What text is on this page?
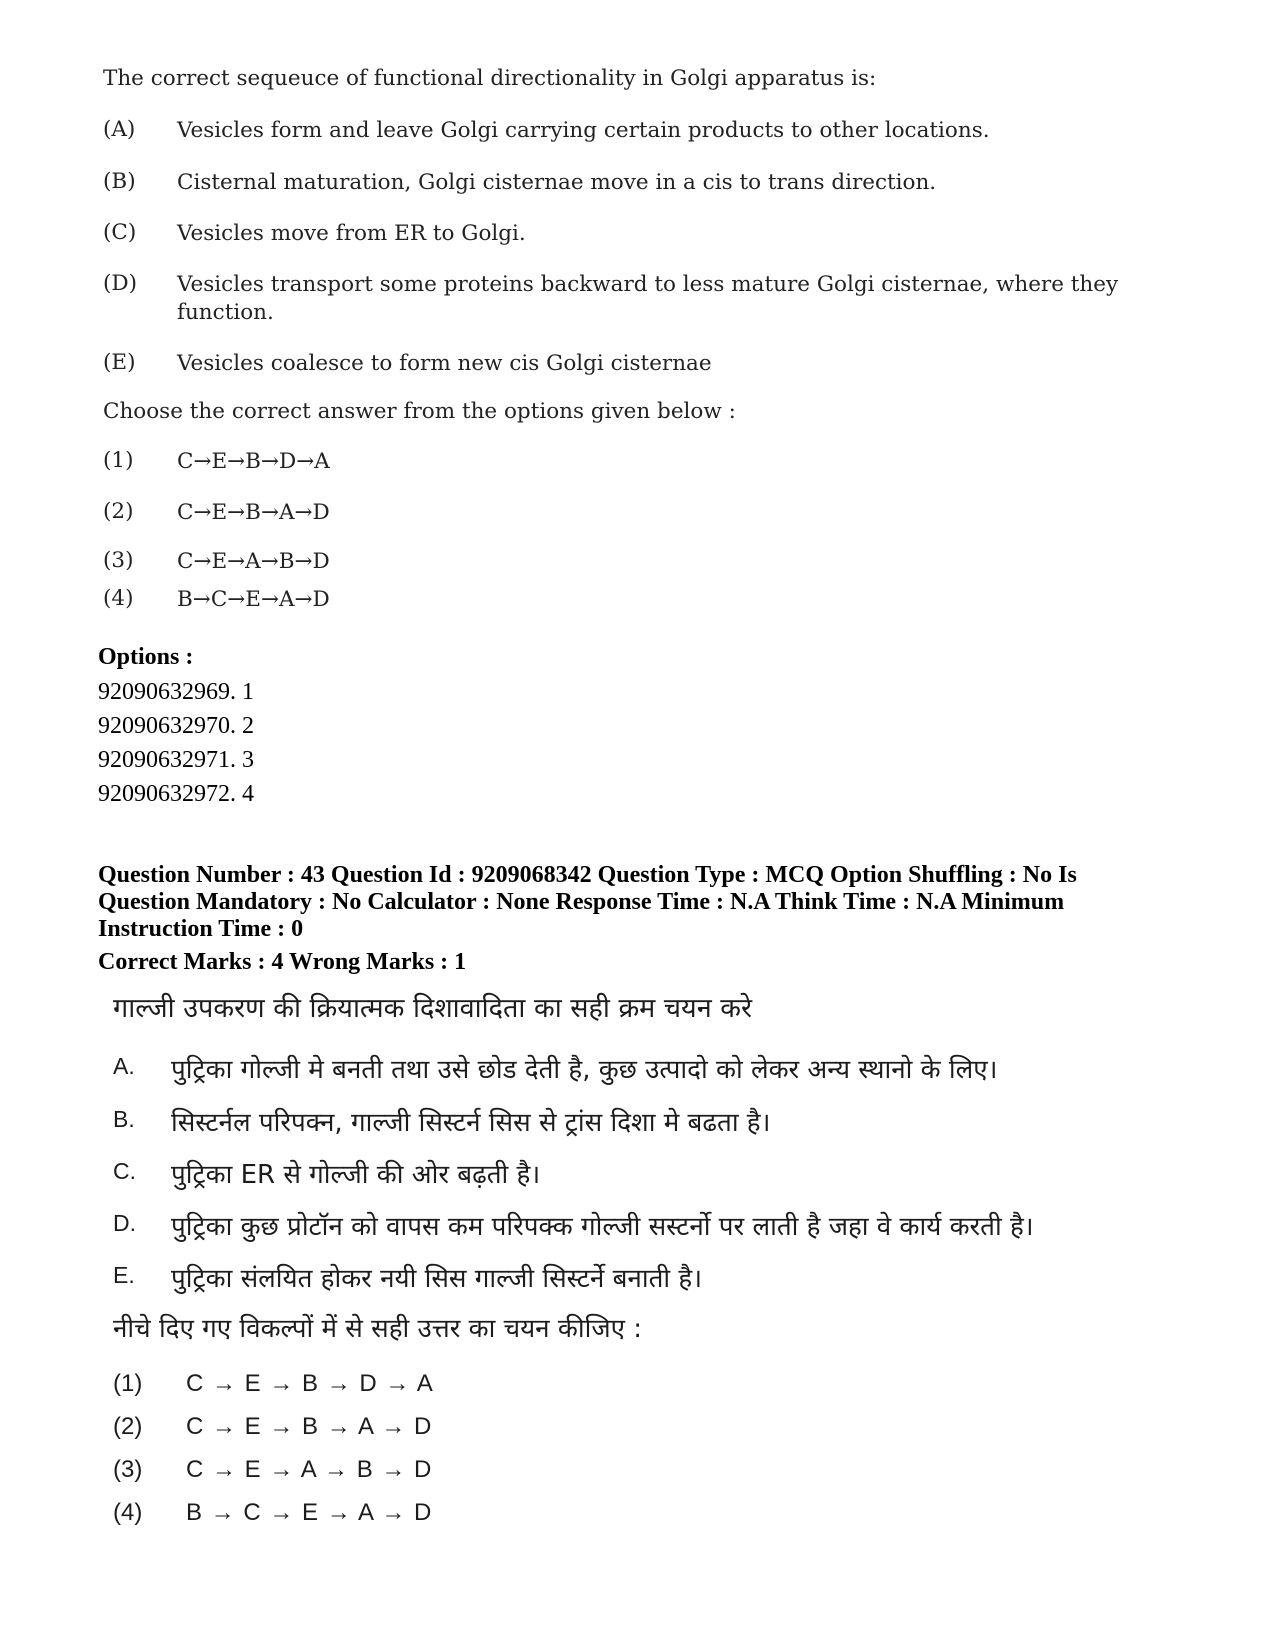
The correct sequeuce of functional directionality in Golgi apparatus is:
(A) Vesicles form and leave Golgi carrying certain products to other locations.
(B) Cisternal maturation, Golgi cisternae move in a cis to trans direction.
(C) Vesicles move from ER to Golgi.
(D) Vesicles transport some proteins backward to less mature Golgi cisternae, where they function.
(E) Vesicles coalesce to form new cis Golgi cisternae
Choose the correct answer from the options given below :
(1) C→E→B→D→A
(2) C→E→B→A→D
(3) C→E→A→B→D
(4) B→C→E→A→D
Options :
92090632969. 1
92090632970. 2
92090632971. 3
92090632972. 4
Question Number : 43 Question Id : 9209068342 Question Type : MCQ Option Shuffling : No Is
Question Mandatory : No Calculator : None Response Time : N.A Think Time : N.A Minimum
Instruction Time : 0
Correct Marks : 4 Wrong Marks : 1
गाल्जी उपकरण की क्रियात्मक दिशावादिता का सही क्रम चयन करे
A. पुट्रिका गोल्जी मे बनती तथा उसे छोड देती है, कुछ उत्पादो को लेकर अन्य स्थानो के लिए।
B. सिस्टर्नल परिपक्न, गाल्जी सिस्टर्न सिस से ट्रांस दिशा मे बढता है।
C. पुट्रिका ER से गोल्जी की ओर बढ़ती है।
D. पुट्रिका कुछ प्रोटॉन को वापस कम परिपक्क गोल्जी सस्टर्नो पर लाती है जहा वे कार्य करती है।
E. पुट्रिका संलयित होकर नयी सिस गाल्जी सिस्टर्ने बनाती है।
नीचे दिए गए विकल्पों में से सही उत्तर का चयन कीजिए :
(1) C → E → B → D → A
(2) C → E → B → A → D
(3) C → E → A → B → D
(4) B → C → E → A → D
